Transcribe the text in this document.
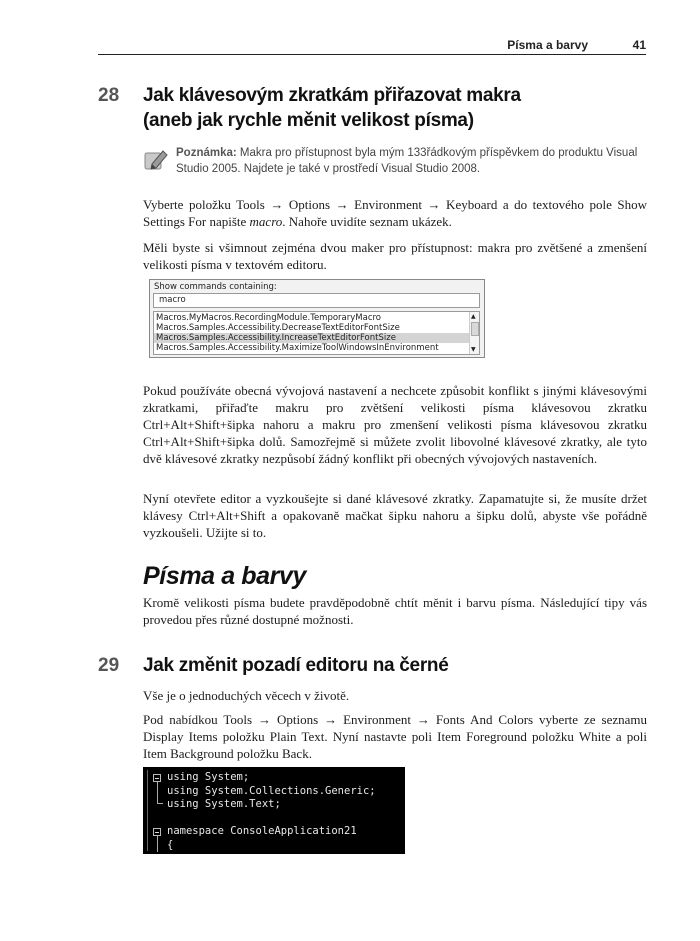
Písma a barvy	41
28 Jak klávesovým zkratkám přiřazovat makra
(aneb jak rychle měnit velikost písma)
Poznámka: Makra pro přístupnost byla mým 133řádkovým příspěvkem do produktu Visual Studio 2005. Najdete je také v prostředí Visual Studio 2008.
Vyberte položku Tools → Options → Environment → Keyboard a do textového pole Show Settings For napište macro. Nahoře uvidíte seznam ukázek.
Měli byste si všimnout zejména dvou maker pro přístupnost: makra pro zvětšené a zmenšení velikosti písma v textovém editoru.
Show commands containing:
macro
Macros.MyMacros.RecordingModule.TemporaryMacro
Macros.Samples.Accessibility.DecreaseTextEditorFontSize
Macros.Samples.Accessibility.IncreaseTextEditorFontSize
Macros.Samples.Accessibility.MaximizeToolWindowsInEnvironment
▲
▼
Pokud používáte obecná vývojová nastavení a nechcete způsobit konflikt s jinými klávesovými zkratkami, přiřaďte makru pro zvětšení velikosti písma klávesovou zkratku Ctrl+Alt+Shift+šipka nahoru a makru pro zmenšení velikosti písma klávesovou zkratku Ctrl+Alt+Shift+šipka dolů. Samozřejmě si můžete zvolit libovolné klávesové zkratky, ale tyto dvě klávesové zkratky nezpůsobí žádný konflikt při obecných vývojových nastaveních.
Nyní otevřete editor a vyzkoušejte si dané klávesové zkratky. Zapamatujte si, že musíte držet klávesy Ctrl+Alt+Shift a opakovaně mačkat šipku nahoru a šipku dolů, abyste vše pořádně vyzkoušeli. Užijte si to.
Písma a barvy
Kromě velikosti písma budete pravděpodobně chtít měnit i barvu písma. Následující tipy vás provedou přes různé dostupné možnosti.
29 Jak změnit pozadí editoru na černé
Vše je o jednoduchých věcech v životě.
Pod nabídkou Tools → Options → Environment → Fonts And Colors vyberte ze seznamu Display Items položku Plain Text. Nyní nastavte poli Item Foreground položku White a poli Item Background položku Back.
using System;
using System.Collections.Generic;
using System.Text;
namespace ConsoleApplication21
{
